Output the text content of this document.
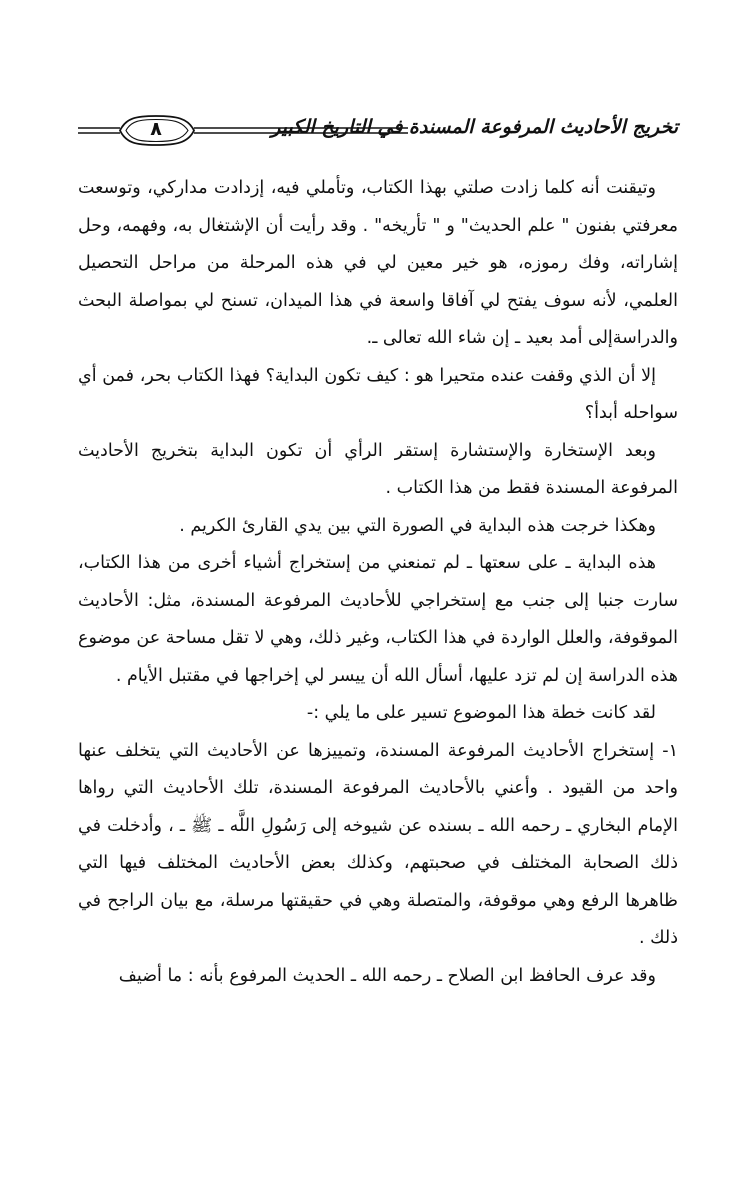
٨	تخريج الأحاديث المرفوعة المسندة في التاريخ الكبير

وتيقنت أنه كلما زادت صلتي بهذا الكتاب، وتأملي فيه، إزدادت مداركي، وتوسعت معرفتي بفنون " علم الحديث" و " تأريخه" . وقد رأيت أن الإشتغال به، وفهمه، وحل إشاراته، وفك رموزه، هو خير معين لي في هذه المرحلة من مراحل التحصيل العلمي، لأنه سوف يفتح لي آفاقا واسعة في هذا الميدان، تسنح لي بمواصلة البحث والدراسةإلى أمد بعيد ـ إن شاء الله تعالى ـ.

إلا أن الذي وقفت عنده متحيرا هو : كيف تكون البداية؟ فهذا الكتاب بحر، فمن أي سواحله أبدأ؟

وبعد الإستخارة والإستشارة إستقر الرأي أن تكون البداية بتخريج الأحاديث المرفوعة المسندة فقط من هذا الكتاب .

وهكذا خرجت هذه البداية في الصورة التي بين يدي القارئ الكريم .

هذه البداية ـ على سعتها ـ لم تمنعني من إستخراج أشياء أخرى من هذا الكتاب، سارت جنبا إلى جنب مع إستخراجي للأحاديث المرفوعة المسندة، مثل: الأحاديث الموقوفة، والعلل الواردة في هذا الكتاب، وغير ذلك، وهي لا تقل مساحة عن موضوع هذه الدراسة إن لم تزد عليها، أسأل الله أن ييسر لي إخراجها في مقتبل الأيام .

لقد كانت خطة هذا الموضوع تسير على ما يلي :-

١- إستخراج الأحاديث المرفوعة المسندة، وتمييزها عن الأحاديث التي يتخلف عنها واحد من القيود . وأعني بالأحاديث المرفوعة المسندة، تلك الأحاديث التي رواها الإمام البخاري ـ رحمه الله ـ بسنده عن شيوخه إلى رَسُولِ اللَّه ـ ﷺ ـ ، وأدخلت في ذلك الصحابة المختلف في صحبتهم، وكذلك بعض الأحاديث المختلف فيها التي ظاهرها الرفع وهي موقوفة، والمتصلة وهي في حقيقتها مرسلة، مع بيان الراجح في ذلك .

وقد عرف الحافظ ابن الصلاح ـ رحمه الله ـ الحديث المرفوع بأنه : ما أضيف
